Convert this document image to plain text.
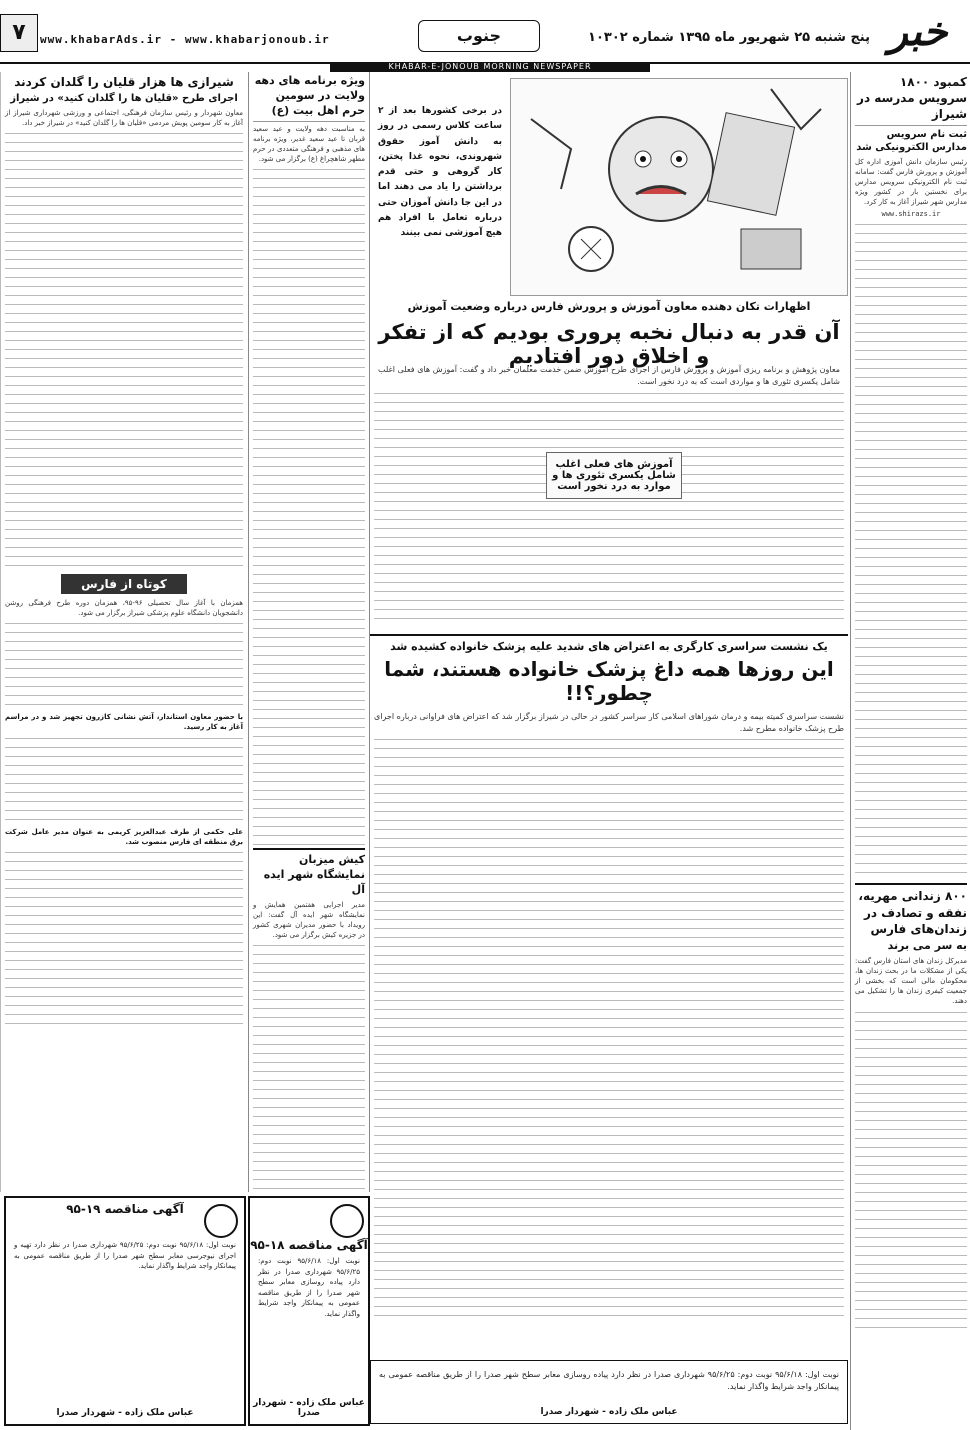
خبر
پنج شنبه ۲۵ شهریور ماه ۱۳۹۵ شماره ۱۰۳۰۲
جنوب
www.khabarAds.ir - www.khabarjonoub.ir
۷
KHABAR-E-JONOUB MORNING NEWSPAPER
کمبود ۱۸۰۰ سرویس مدرسه در شیراز
ثبت نام سرویس مدارس الکترونیکی شد
رئیس سازمان دانش آموزی اداره کل آموزش و پرورش فارس گفت: سامانه ثبت نام الکترونیکی سرویس مدارس برای نخستین بار در کشور ویژه مدارس شهر شیراز آغاز به کار کرد.
www.shirazs.ir
۸۰۰ زندانی مهریه، نفقه و تصادف در زندان‌های فارس
به سر می برند
مدیرکل زندان های استان فارس گفت: یکی از مشکلات ما در بحث زندان ها، محکومان مالی است که بخشی از جمعیت کیفری زندان ها را تشکیل می دهند.
در برخی کشورها بعد از ۲ ساعت کلاس رسمی در روز به دانش آموز حقوق شهروندی، نحوه غذا پختن، کار گروهی و حتی قدم برداشتن را یاد می دهند اما در این جا دانش آموزان حتی درباره تعامل با افراد هم هیچ آموزشی نمی بینند
اظهارات تکان دهنده معاون آموزش و پرورش فارس درباره وضعیت آموزش
آن قدر به دنبال نخبه پروری بودیم که از تفکر و اخلاق دور افتادیم
معاون پژوهش و برنامه ریزی آموزش و پرورش فارس از اجرای طرح آموزش ضمن خدمت معلمان خبر داد و گفت: آموزش های فعلی اغلب شامل یکسری تئوری ها و مواردی است که به درد نخور است.
آموزش های فعلی اغلب شامل یکسری تئوری ها و موارد به درد نخور است
یک نشست سراسری کارگری به اعتراض های شدید علیه پزشک خانواده کشیده شد
این روزها همه داغ پزشک خانواده هستند، شما چطور؟!!
نشست سراسری کمیته بیمه و درمان شوراهای اسلامی کار سراسر کشور در حالی در شیراز برگزار شد که اعتراض های فراوانی درباره اجرای طرح پزشک خانواده مطرح شد.
ویژه برنامه های دهه ولایت در سومین حرم اهل بیت (ع)
به مناسبت دهه ولایت و عید سعید قربان تا عید سعید غدیر، ویژه برنامه های مذهبی و فرهنگی متعددی در حرم مطهر شاهچراغ (ع) برگزار می شود.
کیش میزبان نمایشگاه شهر ایده آل
مدیر اجرایی هفتمین همایش و نمایشگاه شهر ایده آل گفت: این رویداد با حضور مدیران شهری کشور در جزیره کیش برگزار می شود.
شیرازی ها هزار قلیان را گلدان کردند
اجرای طرح «قلیان ها را گلدان کنید» در شیراز
معاون شهردار و رئیس سازمان فرهنگی، اجتماعی و ورزشی شهرداری شیراز از آغاز به کار سومین پویش مردمی «قلیان ها را گلدان کنید» در شیراز خبر داد.
کوتاه از فارس
همزمان با آغاز سال تحصیلی ۹۶-۹۵، همزمان دوره طرح فرهنگی روشن دانشجویان دانشگاه علوم پزشکی شیراز برگزار می شود.
با حضور معاون استاندار، آتش نشانی کازرون تجهیز شد و در مراسم آغاز به کار رسید.
علی حکمی از طرف عبدالعزیز کریمی به عنوان مدیر عامل شرکت برق منطقه ای فارس منصوب شد.
آگهی مناقصه ۱۸-۹۵
نوبت اول: ۹۵/۶/۱۸ نوبت دوم: ۹۵/۶/۲۵ شهرداری صدرا در نظر دارد پیاده روسازی معابر سطح شهر صدرا را از طریق مناقصه عمومی به پیمانکار واجد شرایط واگذار نماید.
عباس ملک زاده - شهردار صدرا
آگهی مناقصه ۱۹-۹۵
نوبت اول: ۹۵/۶/۱۸ نوبت دوم: ۹۵/۶/۲۵ شهرداری صدرا در نظر دارد تهیه و اجرای نیوجرسی معابر سطح شهر صدرا را از طریق مناقصه عمومی به پیمانکار واجد شرایط واگذار نماید.
عباس ملک زاده - شهردار صدرا
نوبت اول: ۹۵/۶/۱۸ نوبت دوم: ۹۵/۶/۲۵ شهرداری صدرا در نظر دارد پیاده روسازی معابر سطح شهر صدرا را از طریق مناقصه عمومی به پیمانکار واجد شرایط واگذار نماید.
عباس ملک زاده - شهردار صدرا
